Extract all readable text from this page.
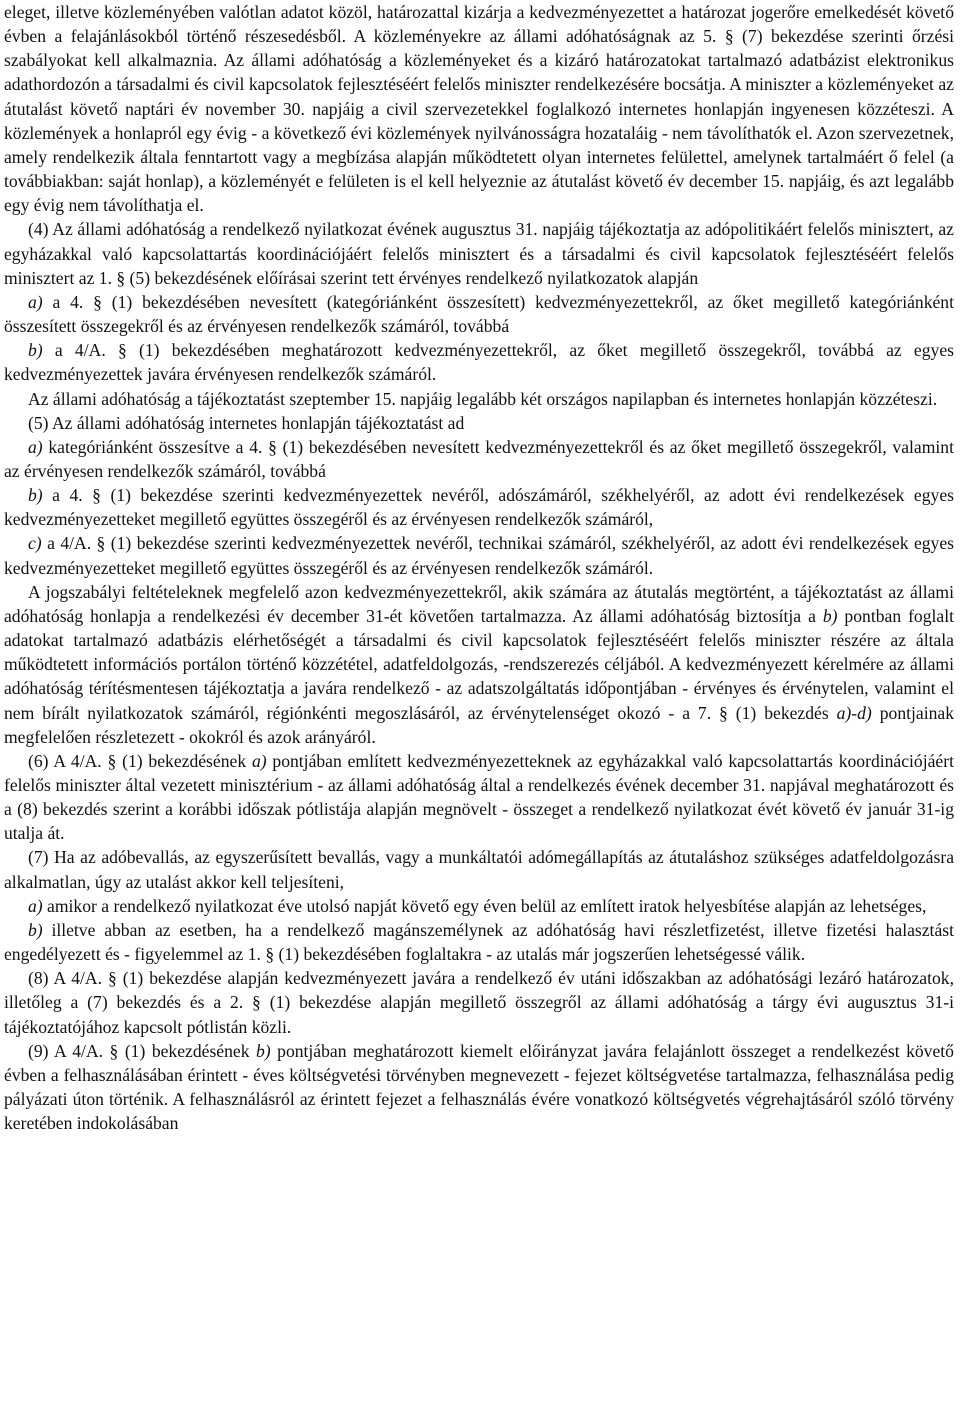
eleget, illetve közleményében valótlan adatot közöl, határozattal kizárja a kedvezményezettet a határozat jogerőre emelkedését követő évben a felajánlásokból történő részesedésből. A közleményekre az állami adóhatóságnak az 5. § (7) bekezdése szerinti őrzési szabályokat kell alkalmaznia. Az állami adóhatóság a közleményeket és a kizáró határozatokat tartalmazó adatbázist elektronikus adathordozón a társadalmi és civil kapcsolatok fejlesztéséért felelős miniszter rendelkezésére bocsátja. A miniszter a közleményeket az átutalást követő naptári év november 30. napjáig a civil szervezetekkel foglalkozó internetes honlapján ingyenesen közzéteszi. A közlemények a honlapról egy évig - a következő évi közlemények nyilvánosságra hozataláig - nem távolíthatók el. Azon szervezetnek, amely rendelkezik általa fenntartott vagy a megbízása alapján működtetett olyan internetes felülettel, amelynek tartalmáért ő felel (a továbbiakban: saját honlap), a közleményét e felületen is el kell helyeznie az átutalást követő év december 15. napjáig, és azt legalább egy évig nem távolíthatja el.

(4) Az állami adóhatóság a rendelkező nyilatkozat évének augusztus 31. napjáig tájékoztatja az adópolitikáért felelős minisztert, az egyházakkal való kapcsolattartás koordinációjáért felelős minisztert és a társadalmi és civil kapcsolatok fejlesztéséért felelős minisztert az 1. § (5) bekezdésének előírásai szerint tett érvényes rendelkező nyilatkozatok alapján

a) a 4. § (1) bekezdésében nevesített (kategóriánként összesített) kedvezményezettekről, az őket megillető kategóriánként összesített összegekről és az érvényesen rendelkezők számáról, továbbá

b) a 4/A. § (1) bekezdésében meghatározott kedvezményezettekről, az őket megillető összegekről, továbbá az egyes kedvezményezettek javára érvényesen rendelkezők számáról.

Az állami adóhatóság a tájékoztatást szeptember 15. napjáig legalább két országos napilapban és internetes honlapján közzéteszi.

(5) Az állami adóhatóság internetes honlapján tájékoztatást ad

a) kategóriánként összesítve a 4. § (1) bekezdésében nevesített kedvezményezettekről és az őket megillető összegekről, valamint az érvényesen rendelkezők számáról, továbbá

b) a 4. § (1) bekezdése szerinti kedvezményezettek nevéről, adószámáról, székhelyéről, az adott évi rendelkezések egyes kedvezményezetteket megillető együttes összegéről és az érvényesen rendelkezők számáról,

c) a 4/A. § (1) bekezdése szerinti kedvezményezettek nevéről, technikai számáról, székhelyéről, az adott évi rendelkezések egyes kedvezményezetteket megillető együttes összegéről és az érvényesen rendelkezők számáról.

A jogszabályi feltételeknek megfelelő azon kedvezményezettekről, akik számára az átutalás megtörtént, a tájékoztatást az állami adóhatóság honlapja a rendelkezési év december 31-ét követően tartalmazza. Az állami adóhatóság biztosítja a b) pontban foglalt adatokat tartalmazó adatbázis elérhetőségét a társadalmi és civil kapcsolatok fejlesztéséért felelős miniszter részére az általa működtetett információs portálon történő közzététel, adatfeldolgozás, -rendszerezés céljából. A kedvezményezett kérelmére az állami adóhatóság térítésmentesen tájékoztatja a javára rendelkező - az adatszolgáltatás időpontjában - érvényes és érvénytelen, valamint el nem bírált nyilatkozatok számáról, régiónkénti megoszlásáról, az érvénytelenséget okozó - a 7. § (1) bekezdés a)-d) pontjainak megfelelően részletezett - okokról és azok arányáról.

(6) A 4/A. § (1) bekezdésének a) pontjában említett kedvezményezetteknek az egyházakkal való kapcsolattartás koordinációjáért felelős miniszter által vezetett minisztérium - az állami adóhatóság által a rendelkezés évének december 31. napjával meghatározott és a (8) bekezdés szerint a korábbi időszak pótlistája alapján megnövelt - összeget a rendelkező nyilatkozat évét követő év január 31-ig utalja át.

(7) Ha az adóbevallás, az egyszerűsített bevallás, vagy a munkáltatói adómegállapítás az átutaláshoz szükséges adatfeldolgozásra alkalmatlan, úgy az utalást akkor kell teljesíteni,

a) amikor a rendelkező nyilatkozat éve utolsó napját követő egy éven belül az említett iratok helyesbítése alapján az lehetséges,

b) illetve abban az esetben, ha a rendelkező magánszemélynek az adóhatóság havi részletfizetést, illetve fizetési halasztást engedélyezett és - figyelemmel az 1. § (1) bekezdésében foglaltakra - az utalás már jogszerűen lehetségessé válik.

(8) A 4/A. § (1) bekezdése alapján kedvezményezett javára a rendelkező év utáni időszakban az adóhatósági lezáró határozatok, illetőleg a (7) bekezdés és a 2. § (1) bekezdése alapján megillető összegről az állami adóhatóság a tárgy évi augusztus 31-i tájékoztatójához kapcsolt pótlistán közli.

(9) A 4/A. § (1) bekezdésének b) pontjában meghatározott kiemelt előirányzat javára felajánlott összeget a rendelkezést követő évben a felhasználásában érintett - éves költségvetési törvényben megnevezett - fejezet költségvetése tartalmazza, felhasználása pedig pályázati úton történik. A felhasználásról az érintett fejezet a felhasználás évére vonatkozó költségvetés végrehajtásáról szóló törvény keretében indokolásában
